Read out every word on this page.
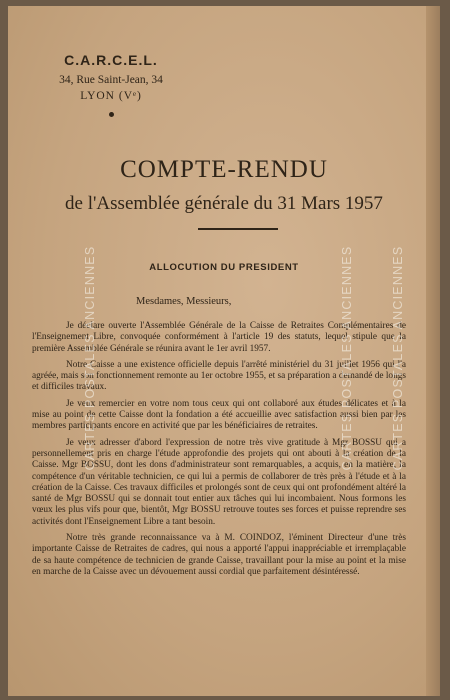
C.A.R.C.E.L.
34, Rue Saint-Jean, 34
LYON (Vᵉ)
COMPTE-RENDU
de l'Assemblée générale du 31 Mars 1957
ALLOCUTION DU PRESIDENT
Mesdames, Messieurs,

Je déclare ouverte l'Assemblée Générale de la Caisse de Retraites Complémentaires de l'Enseignement Libre, convoquée conformément à l'article 19 des statuts, lequel stipule que la première Assemblée Générale se réunira avant le 1er avril 1957.

Notre Caisse a une existence officielle depuis l'arrêté ministériel du 31 juillet 1956 qui l'a agréée, mais son fonctionnement remonte au 1er octobre 1955, et sa préparation a demandé de longs et difficiles travaux.

Je veux remercier en votre nom tous ceux qui ont collaboré aux études délicates et à la mise au point de cette Caisse dont la fondation a été accueillie avec satisfaction aussi bien par les membres participants encore en activité que par les bénéficiaires de retraites.

Je veux adresser d'abord l'expression de notre très vive gratitude à Mgr BOSSU qui a personnellement pris en charge l'étude approfondie des projets qui ont abouti à la création de la Caisse. Mgr BOSSU, dont les dons d'administrateur sont remarquables, a acquis, en la matière, la compétence d'un véritable technicien, ce qui lui a permis de collaborer de très près à l'étude et à la création de la Caisse. Ces travaux difficiles et prolongés sont de ceux qui ont profondément altéré la santé de Mgr BOSSU qui se donnait tout entier aux tâches qui lui incombaient. Nous formons les vœux les plus vifs pour que, bientôt, Mgr BOSSU retrouve toutes ses forces et puisse reprendre ses activités dont l'Enseignement Libre a tant besoin.

Notre très grande reconnaissance va à M. COINDOZ, l'éminent Directeur d'une très importante Caisse de Retraites de cadres, qui nous a apporté l'appui inappréciable et irremplaçable de sa haute compétence de technicien de grande Caisse, travaillant pour la mise au point et la mise en marche de la Caisse avec un dévouement aussi cordial que parfaitement désintéressé.

CARTES POSTALES ANCIENNES	CARTES POSTALES ANCIENNES	CARTES POSTALES ANCIENNES
